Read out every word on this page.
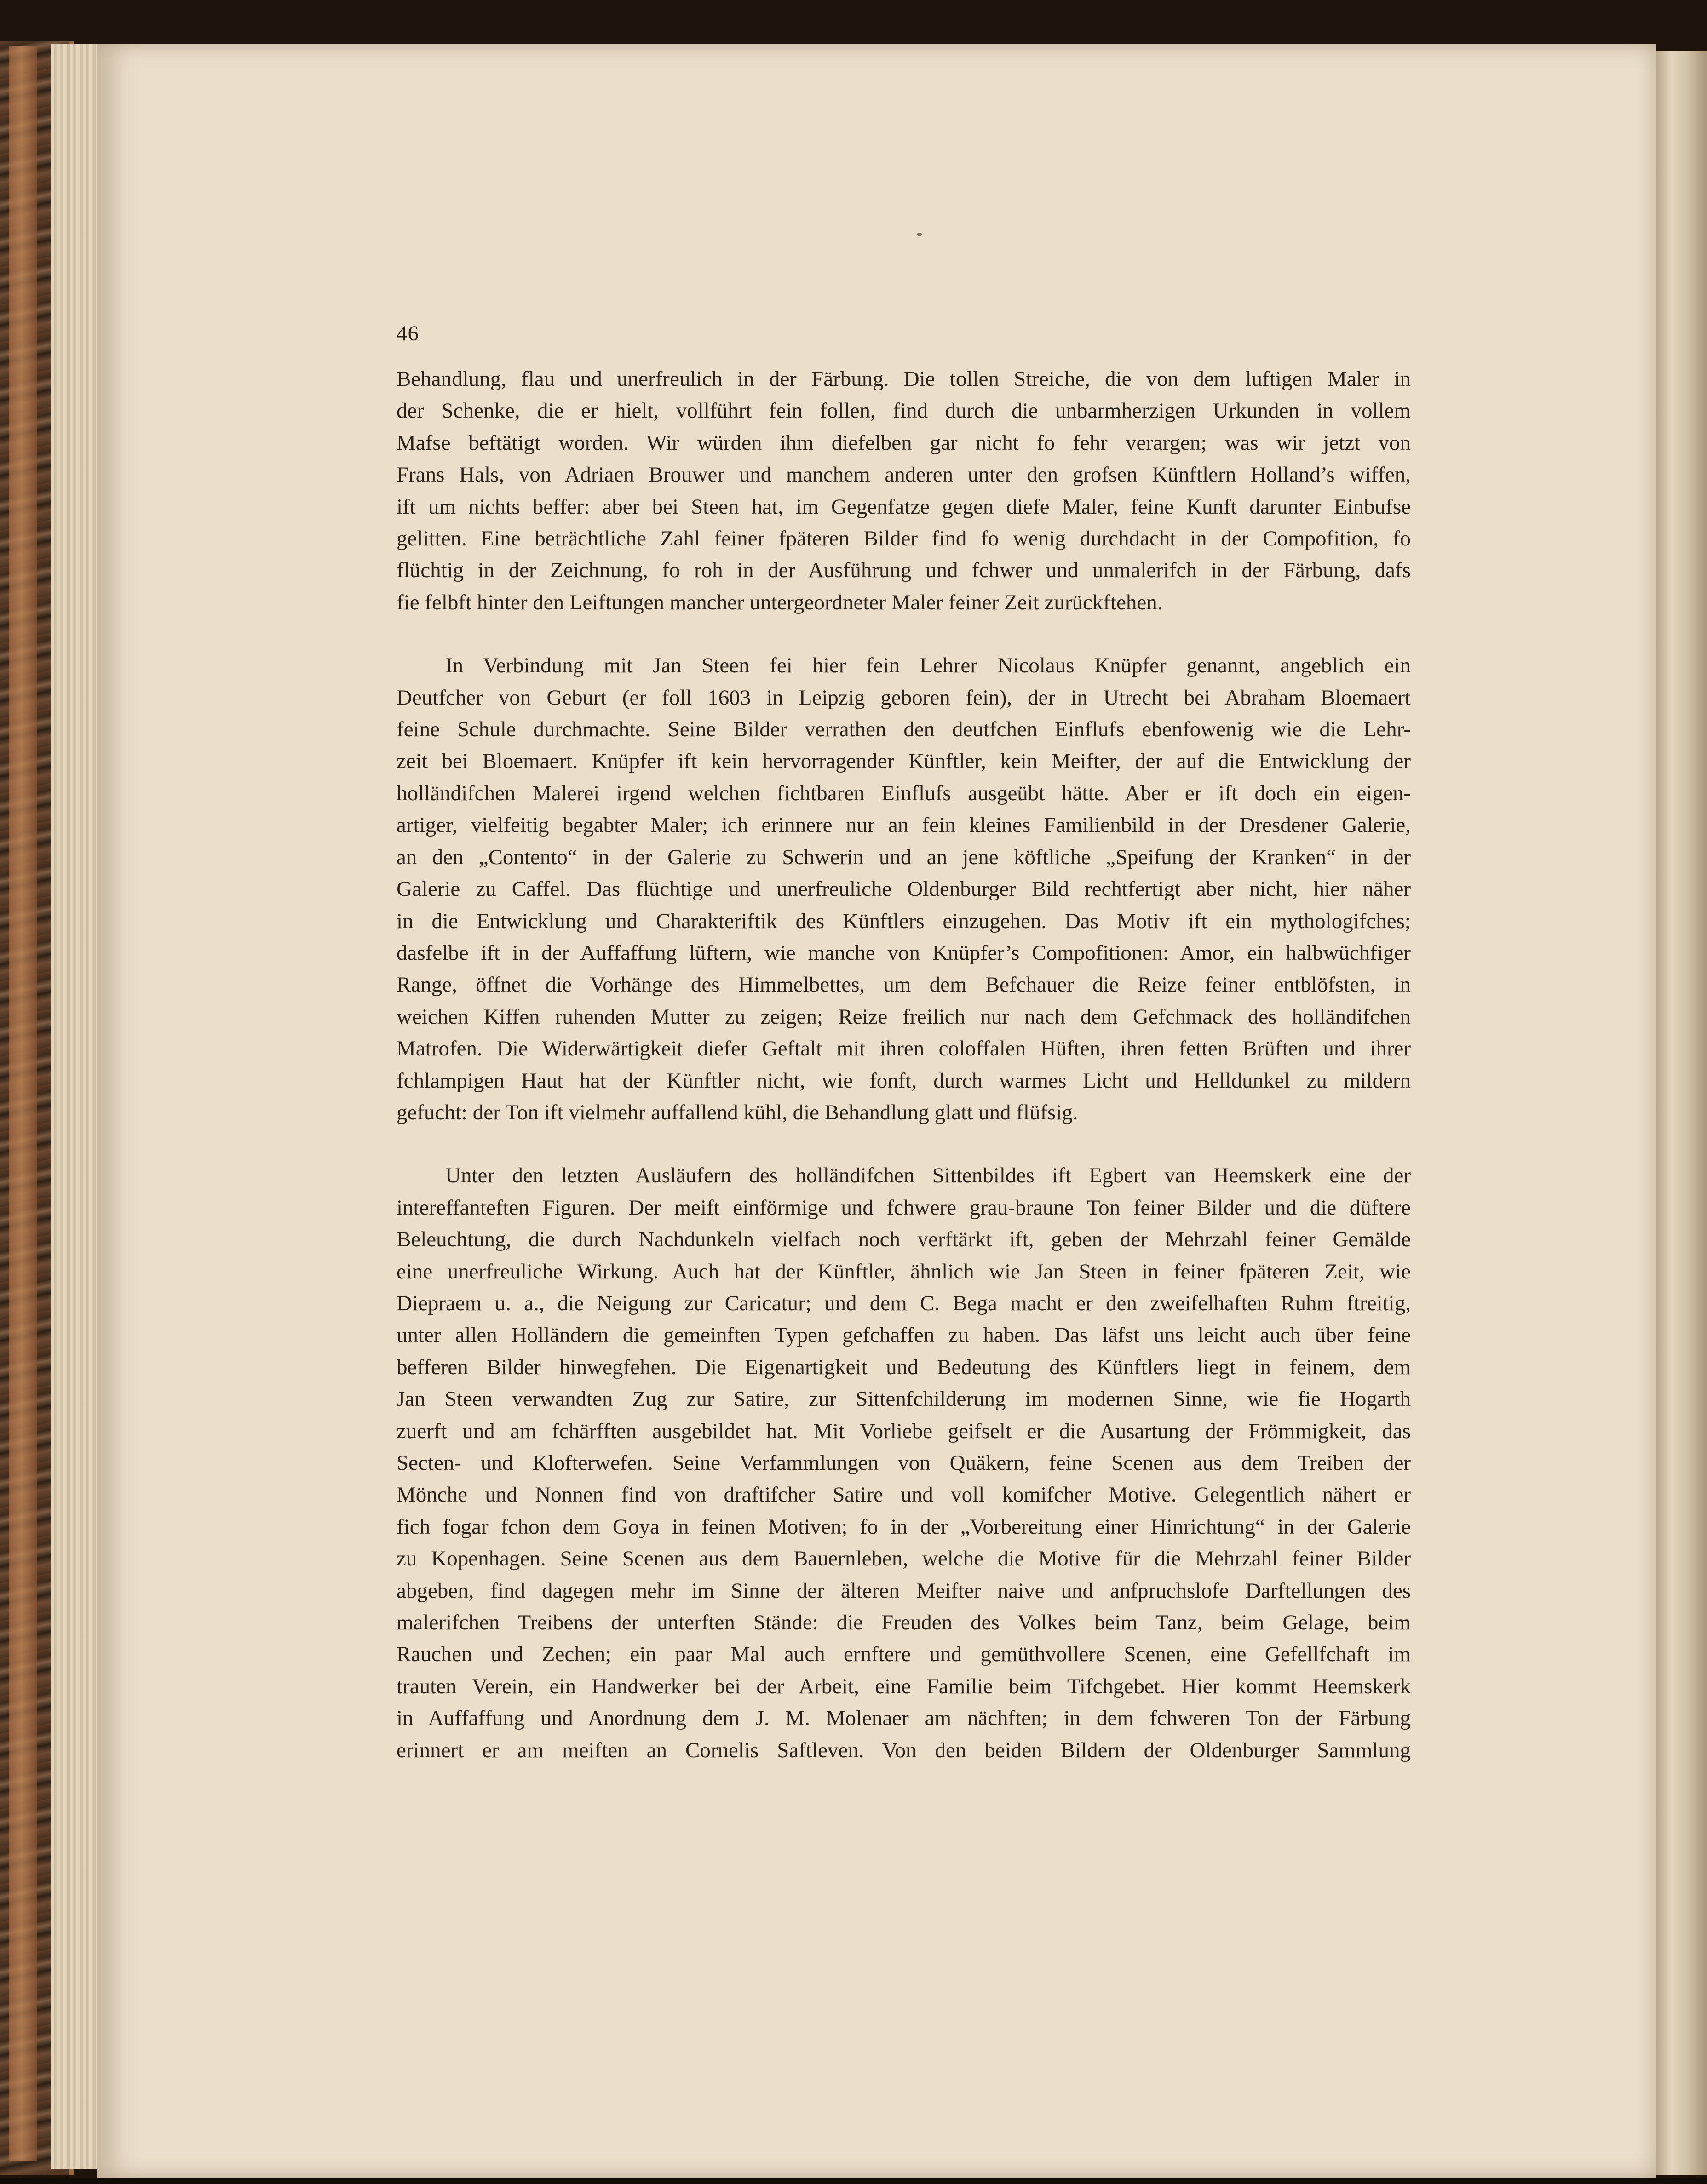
46
Behandlung, flau und unerfreulich in der Färbung. Die tollen Streiche, die von dem luftigen Maler in
der Schenke, die er hielt, vollführt fein follen, find durch die unbarmherzigen Urkunden in vollem
Mafse beftätigt worden. Wir würden ihm diefelben gar nicht fo fehr verargen; was wir jetzt von
Frans Hals, von Adriaen Brouwer und manchem anderen unter den grofsen Künftlern Holland’s wiffen,
ift um nichts beffer: aber bei Steen hat, im Gegenfatze gegen diefe Maler, feine Kunft darunter Einbufse
gelitten. Eine beträchtliche Zahl feiner fpäteren Bilder find fo wenig durchdacht in der Compofition, fo
flüchtig in der Zeichnung, fo roh in der Ausführung und fchwer und unmalerifch in der Färbung, dafs
fie felbft hinter den Leiftungen mancher untergeordneter Maler feiner Zeit zurückftehen.
In Verbindung mit Jan Steen fei hier fein Lehrer Nicolaus Knüpfer genannt, angeblich ein
Deutfcher von Geburt (er foll 1603 in Leipzig geboren fein), der in Utrecht bei Abraham Bloemaert
feine Schule durchmachte. Seine Bilder verrathen den deutfchen Einflufs ebenfowenig wie die Lehr-
zeit bei Bloemaert. Knüpfer ift kein hervorragender Künftler, kein Meifter, der auf die Entwicklung der
holländifchen Malerei irgend welchen fichtbaren Einflufs ausgeübt hätte. Aber er ift doch ein eigen-
artiger, vielfeitig begabter Maler; ich erinnere nur an fein kleines Familienbild in der Dresdener Galerie,
an den „Contento“ in der Galerie zu Schwerin und an jene köftliche „Speifung der Kranken“ in der
Galerie zu Caffel. Das flüchtige und unerfreuliche Oldenburger Bild rechtfertigt aber nicht, hier näher
in die Entwicklung und Charakteriftik des Künftlers einzugehen. Das Motiv ift ein mythologifches;
dasfelbe ift in der Auffaffung lüftern, wie manche von Knüpfer’s Compofitionen: Amor, ein halbwüchfiger
Range, öffnet die Vorhänge des Himmelbettes, um dem Befchauer die Reize feiner entblöfsten, in
weichen Kiffen ruhenden Mutter zu zeigen; Reize freilich nur nach dem Gefchmack des holländifchen
Matrofen. Die Widerwärtigkeit diefer Geftalt mit ihren coloffalen Hüften, ihren fetten Brüften und ihrer
fchlampigen Haut hat der Künftler nicht, wie fonft, durch warmes Licht und Helldunkel zu mildern
gefucht: der Ton ift vielmehr auffallend kühl, die Behandlung glatt und flüfsig.
Unter den letzten Ausläufern des holländifchen Sittenbildes ift Egbert van Heemskerk eine der
intereffanteften Figuren. Der meift einförmige und fchwere grau-braune Ton feiner Bilder und die düftere
Beleuchtung, die durch Nachdunkeln vielfach noch verftärkt ift, geben der Mehrzahl feiner Gemälde
eine unerfreuliche Wirkung. Auch hat der Künftler, ähnlich wie Jan Steen in feiner fpäteren Zeit, wie
Diepraem u. a., die Neigung zur Caricatur; und dem C. Bega macht er den zweifelhaften Ruhm ftreitig,
unter allen Holländern die gemeinften Typen gefchaffen zu haben. Das läfst uns leicht auch über feine
befferen Bilder hinwegfehen. Die Eigenartigkeit und Bedeutung des Künftlers liegt in feinem, dem
Jan Steen verwandten Zug zur Satire, zur Sittenfchilderung im modernen Sinne, wie fie Hogarth
zuerft und am fchärfften ausgebildet hat. Mit Vorliebe geifselt er die Ausartung der Frömmigkeit, das
Secten- und Klofterwefen. Seine Verfammlungen von Quäkern, feine Scenen aus dem Treiben der
Mönche und Nonnen find von draftifcher Satire und voll komifcher Motive. Gelegentlich nähert er
fich fogar fchon dem Goya in feinen Motiven; fo in der „Vorbereitung einer Hinrichtung“ in der Galerie
zu Kopenhagen. Seine Scenen aus dem Bauernleben, welche die Motive für die Mehrzahl feiner Bilder
abgeben, find dagegen mehr im Sinne der älteren Meifter naive und anfpruchslofe Darftellungen des
malerifchen Treibens der unterften Stände: die Freuden des Volkes beim Tanz, beim Gelage, beim
Rauchen und Zechen; ein paar Mal auch ernftere und gemüthvollere Scenen, eine Gefellfchaft im
trauten Verein, ein Handwerker bei der Arbeit, eine Familie beim Tifchgebet. Hier kommt Heemskerk
in Auffaffung und Anordnung dem J. M. Molenaer am nächften; in dem fchweren Ton der Färbung
erinnert er am meiften an Cornelis Saftleven. Von den beiden Bildern der Oldenburger Sammlung
